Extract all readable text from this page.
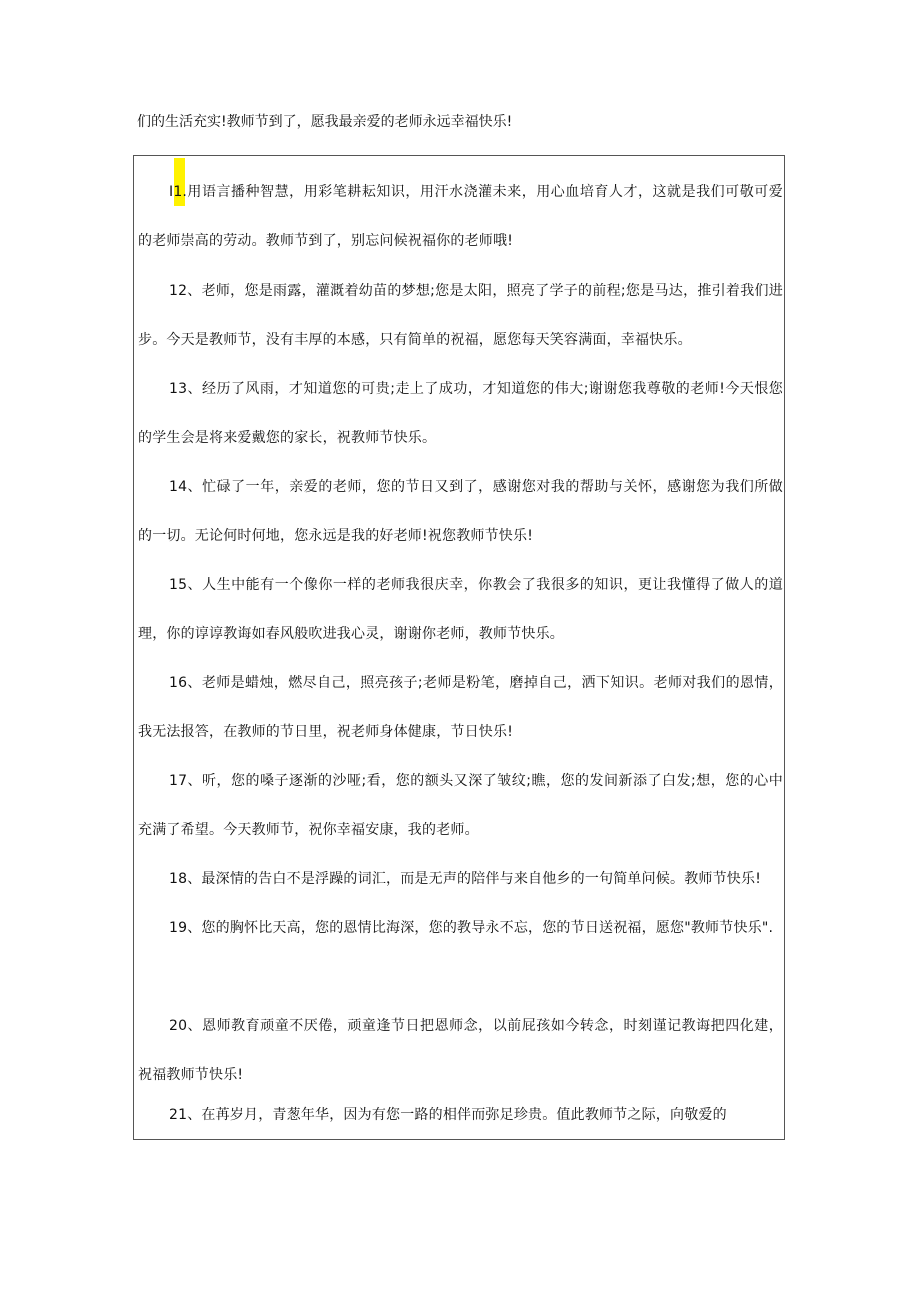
们的生活充实!教师节到了，愿我最亲爱的老师永远幸福快乐!

I1.用语言播种智慧，用彩笔耕耘知识，用汗水浇灌未来，用心血培育人才，这就是我们可敬可爱的老师崇高的劳动。教师节到了，别忘问候祝福你的老师哦!

12、老师，您是雨露，灌溉着幼苗的梦想;您是太阳，照亮了学子的前程;您是马达，推引着我们进步。今天是教师节，没有丰厚的本感，只有简单的祝福，愿您每天笑容满面，幸福快乐。

13、经历了风雨，才知道您的可贵;走上了成功，才知道您的伟大;谢谢您我尊敬的老师!今天恨您的学生会是将来爱戴您的家长，祝教师节快乐。

14、忙碌了一年，亲爱的老师，您的节日又到了，感谢您对我的帮助与关怀，感谢您为我们所做的一切。无论何时何地，您永远是我的好老师!祝您教师节快乐!

15、人生中能有一个像你一样的老师我很庆幸，你教会了我很多的知识，更让我懂得了做人的道理，你的谆谆教诲如春风般吹进我心灵，谢谢你老师，教师节快乐。

16、老师是蜡烛，燃尽自己，照亮孩子;老师是粉笔，磨掉自己，洒下知识。老师对我们的恩情，我无法报答，在教师的节日里，祝老师身体健康，节日快乐!

17、听，您的嗓子逐渐的沙哑;看，您的额头又深了皱纹;瞧，您的发间新添了白发;想，您的心中充满了希望。今天教师节，祝你幸福安康，我的老师。

18、最深情的告白不是浮躁的词汇，而是无声的陪伴与来自他乡的一句简单问候。教师节快乐!

19、您的胸怀比天高，您的恩情比海深，您的教导永不忘，您的节日送祝福，愿您"教师节快乐".

20、恩师教育顽童不厌倦，顽童逢节日把恩师念，以前屁孩如今转念，时刻谨记教诲把四化建，祝福教师节快乐!

21、在苒岁月，青葱年华，因为有您一路的相伴而弥足珍贵。值此教师节之际，向敬爱的
